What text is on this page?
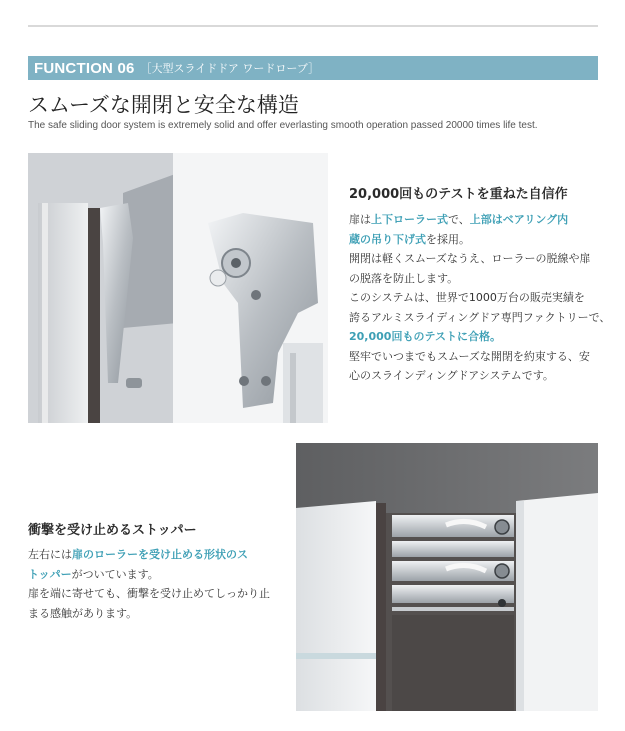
FUNCTION 06 ［大型スライドドア ワードローブ］
スムーズな開閉と安全な構造
The safe sliding door system is extremely solid and offer everlasting smooth operation passed 20000 times life test.
20,000回ものテストを重ねた自信作
扉は上下ローラー式で、上部はベアリング内
蔵の吊り下げ式を採用。
開閉は軽くスムーズなうえ、ローラーの脱線や扉
の脱落を防止します。
このシステムは、世界で1000万台の販売実績を
誇るアルミスライディングドア専門ファクトリーで、
20,000回ものテストに合格。
堅牢でいつまでもスムーズな開閉を約束する、安
心のスラインディングドアシステムです。
衝撃を受け止めるストッパー
左右には扉のローラーを受け止める形状のス
トッパーがついています。
扉を端に寄せても、衝撃を受け止めてしっかり止
まる感触があります。
